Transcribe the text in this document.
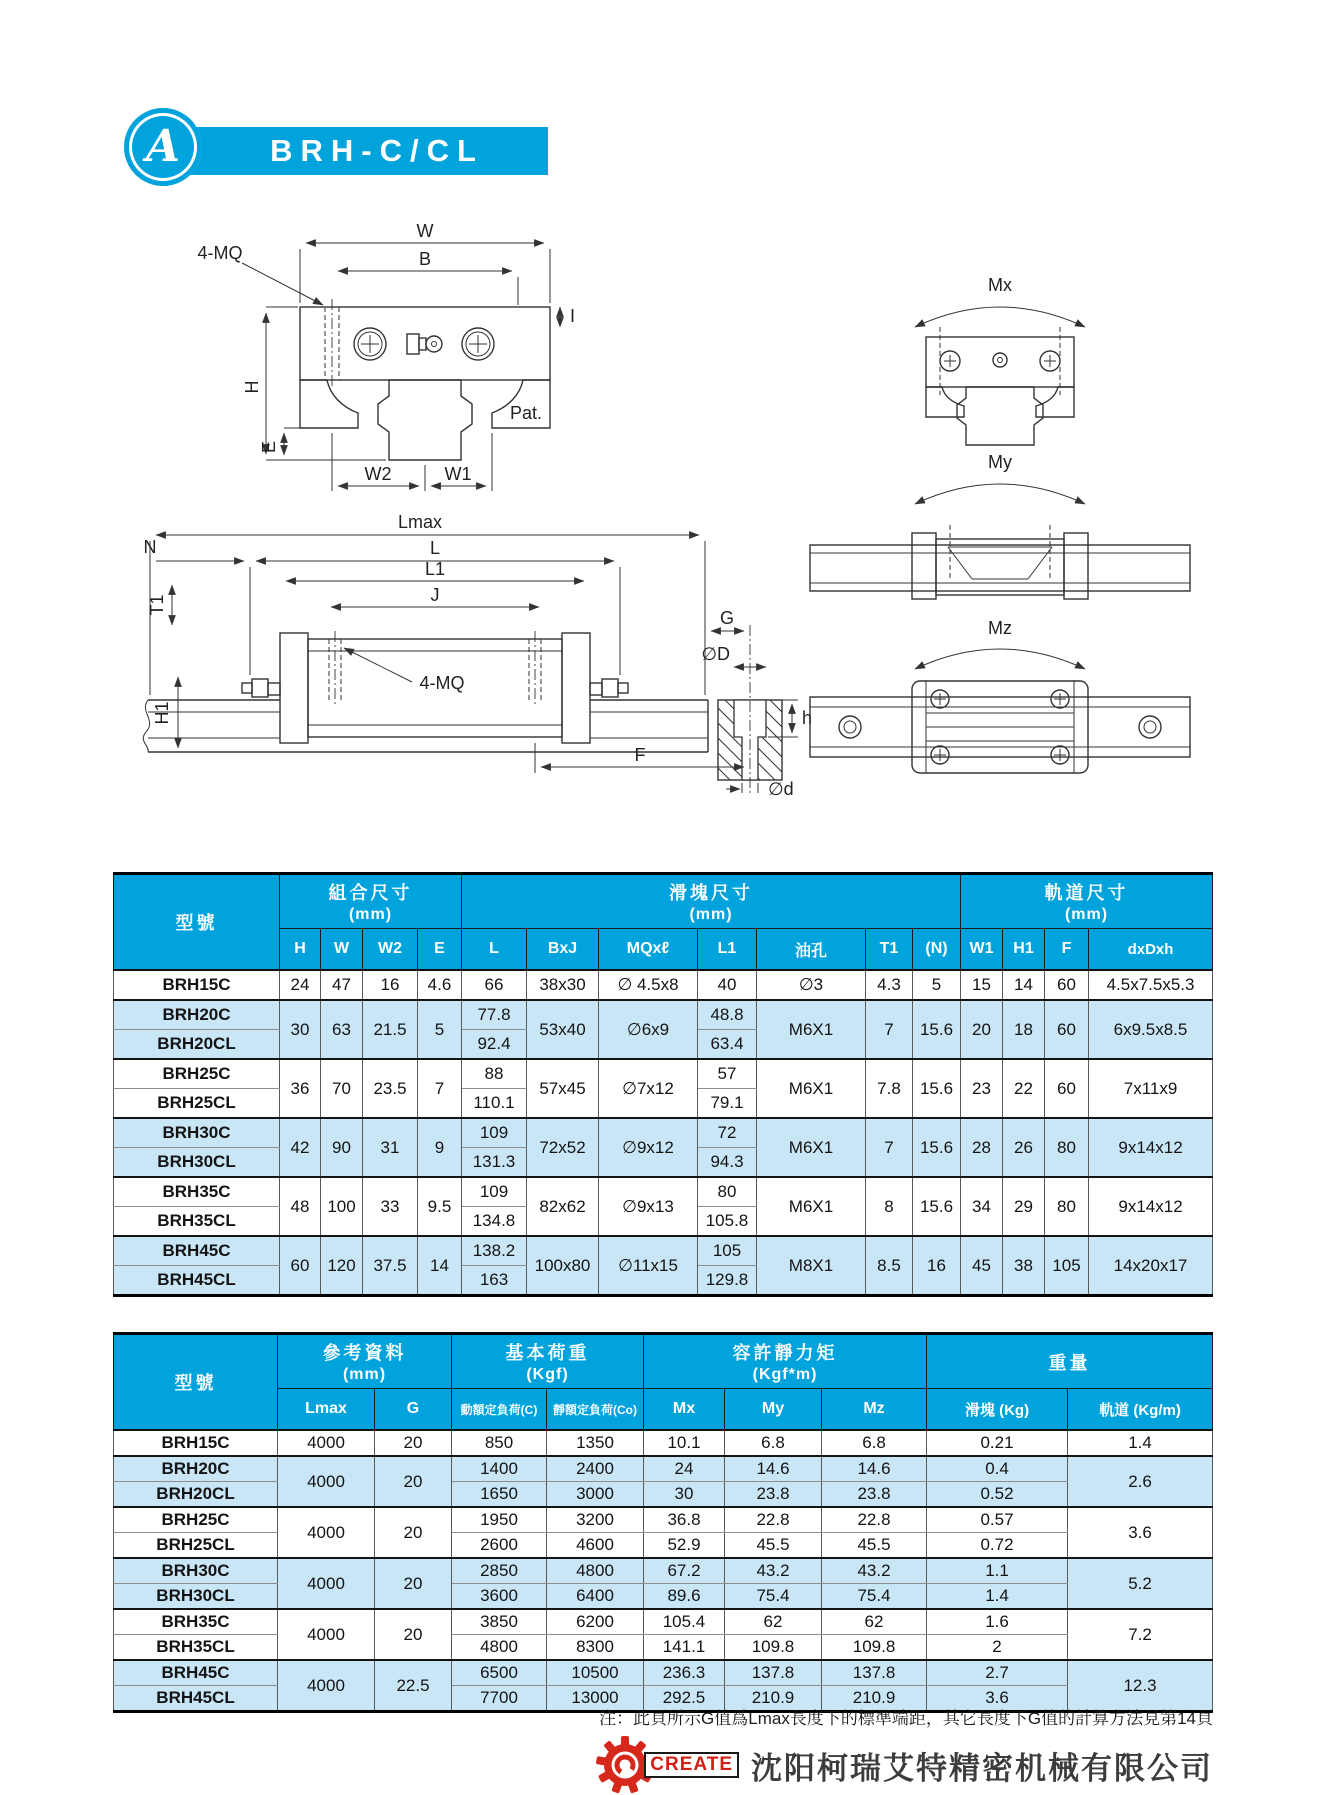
A	BRH-C/CL
Pat.
W
B
4-MQ
H
E
W2	W1
I
Lmax
L
L1
J
N
T1
H1
4-MQ
G
∅D
h
F
∅d
Mx
My
Mz
型號	組合尺寸
(mm)				滑塊尺寸
(mm)							軌道尺寸
(mm)			

	H	W	W2	E	L	BxJ	MQxℓ	L1	油孔	T1	(N)	W1	H1	F	dxDxh
BRH15C	24	47	16	4.6	66	38x30	∅ 4.5x8	40	∅3	4.3	5	15	14	60	4.5x7.5x5.3
BRH20C	30	63	21.5	5	77.8	53x40	∅6x9	48.8	M6X1	7	15.6	20	18	60	6x9.5x8.5
BRH20CL					92.4			63.4							
BRH25C	36	70	23.5	7	88	57x45	∅7x12	57	M6X1	7.8	15.6	23	22	60	7x11x9
BRH25CL					110.1			79.1							
BRH30C	42	90	31	9	109	72x52	∅9x12	72	M6X1	7	15.6	28	26	80	9x14x12
BRH30CL					131.3			94.3							
BRH35C	48	100	33	9.5	109	82x62	∅9x13	80	M6X1	8	15.6	34	29	80	9x14x12
BRH35CL					134.8			105.8							
BRH45C	60	120	37.5	14	138.2	100x80	∅11x15	105	M8X1	8.5	16	45	38	105	14x20x17
BRH45CL					163			129.8							
型號	參考資料
(mm)		基本荷重
(Kgf)		容許靜力矩
(Kgf*m)			重量	
	Lmax	G	動額定負荷(C)	靜額定負荷(Co)	Mx	My	Mz	滑塊 (Kg)	軌道 (Kg/m)
BRH15C	4000	20	850	1350	10.1	6.8	6.8	0.21	1.4
BRH20C	4000	20	1400	2400	24	14.6	14.6	0.4	2.6
BRH20CL			1650	3000	30	23.8	23.8	0.52	
BRH25C	4000	20	1950	3200	36.8	22.8	22.8	0.57	3.6
BRH25CL			2600	4600	52.9	45.5	45.5	0.72	
BRH30C	4000	20	2850	4800	67.2	43.2	43.2	1.1	5.2
BRH30CL			3600	6400	89.6	75.4	75.4	1.4	
BRH35C	4000	20	3850	6200	105.4	62	62	1.6	7.2
BRH35CL			4800	8300	141.1	109.8	109.8	2	
BRH45C	4000	22.5	6500	10500	236.3	137.8	137.8	2.7	12.3
BRH45CL			7700	13000	292.5	210.9	210.9	3.6	
注：此頁所示G值爲Lmax長度下的標準端距，其它長度下G值的計算方法見第14頁
CREATE 沈阳柯瑞艾特精密机械有限公司
